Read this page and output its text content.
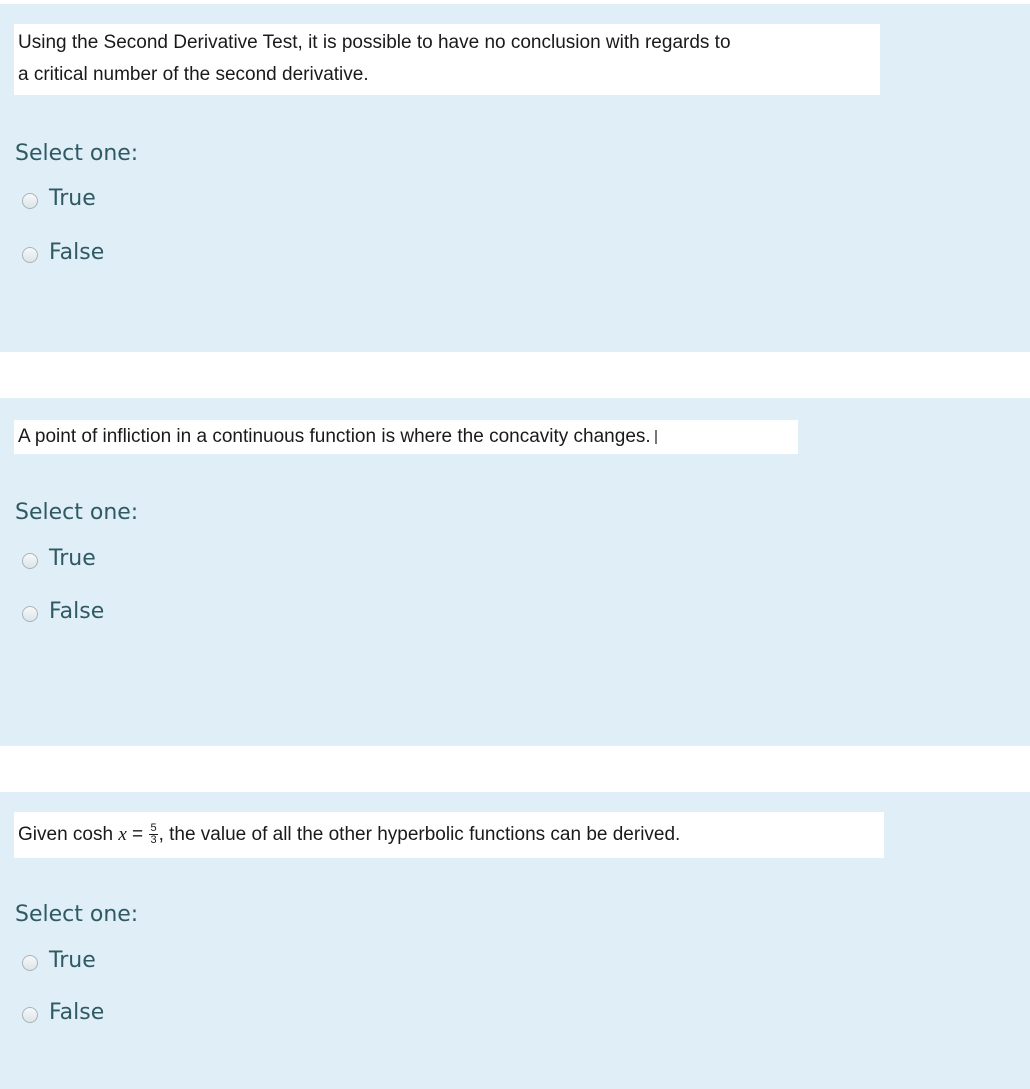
Using the Second Derivative Test, it is possible to have no conclusion with regards to
a critical number of the second derivative.
Select one:
True
False
A point of infliction in a continuous function is where the concavity changes.
Select one:
True
False
Given $\cosh x = \frac{5}{3}$ , the value of all the other hyperbolic functions can be derived.
Select one:
True
False
